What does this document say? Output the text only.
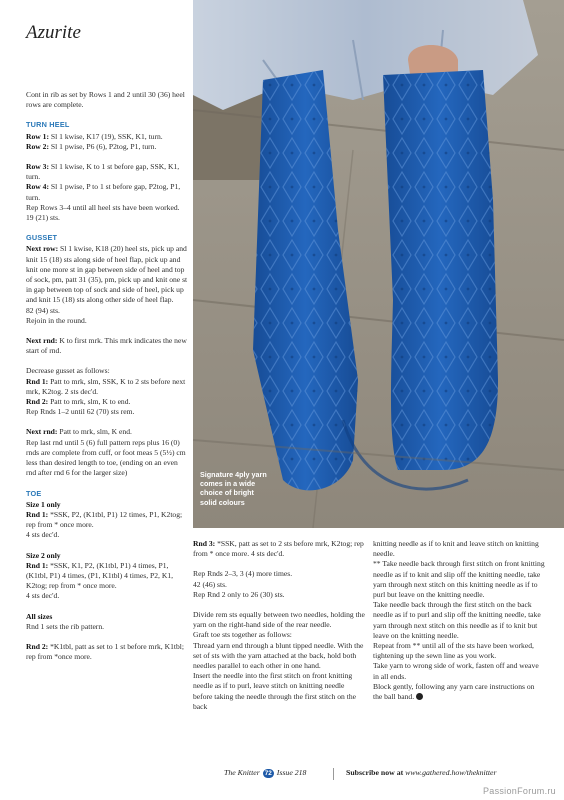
Azurite
Signature 4ply yarn
comes in a wide
choice of bright
solid colours

Cont in rib as set by Rows 1 and 2 until 30 (36) heel rows are complete.

TURN HEEL

Row 1: Sl 1 kwise, K17 (19), SSK, K1, turn.

Row 2: Sl 1 pwise, P6 (6), P2tog, P1, turn.

Row 3: Sl 1 kwise, K to 1 st before gap, SSK, K1, turn.

Row 4: Sl 1 pwise, P to 1 st before gap, P2tog, P1, turn.

Rep Rows 3–4 until all heel sts have been worked.

19 (21) sts.

GUSSET

Next row: Sl 1 kwise, K18 (20) heel sts, pick up and knit 15 (18) sts along side of heel flap, pick up and knit one more st in gap between side of heel and top of sock, pm, patt 31 (35), pm, pick up and knit one st in gap between top of sock and side of heel, pick up and knit 15 (18) sts along other side of heel flap.

82 (94) sts.

Rejoin in the round.

Next rnd: K to first mrk. This mrk indicates the new start of rnd.

Decrease gusset as follows:

Rnd 1: Patt to mrk, slm, SSK, K to 2 sts before next mrk, K2tog. 2 sts dec'd.

Rnd 2: Patt to mrk, slm, K to end.

Rep Rnds 1–2 until 62 (70) sts rem.

Next rnd: Patt to mrk, slm, K end.

Rep last rnd until 5 (6) full pattern reps plus 16 (0) rnds are complete from cuff, or foot meas 5 (5½) cm less than desired length to toe, (ending on an even rnd after rnd 6 for the larger size)

TOE

Size 1 only

Rnd 1: *SSK, P2, (K1tbl, P1) 12 times, P1, K2tog; rep from * once more.

4 sts dec'd.

Size 2 only

Rnd 1: *SSK, K1, P2, (K1tbl, P1) 4 times, P1, (K1tbl, P1) 4 times, (P1, K1tbl) 4 times, P2, K1, K2tog; rep from * once more.

4 sts dec'd.

All sizes

Rnd 1 sets the rib pattern.

Rnd 2: *K1tbl, patt as set to 1 st before mrk, K1tbl; rep from *once more.

Rnd 3: *SSK, patt as set to 2 sts before mrk, K2tog; rep from * once more. 4 sts dec'd.

Rep Rnds 2–3, 3 (4) more times.

42 (46) sts.

Rep Rnd 2 only to 26 (30) sts.

Divide rem sts equally between two needles, holding the yarn on the right-hand side of the rear needle.

Graft toe sts together as follows:

Thread yarn end through a blunt tipped needle. With the set of sts with the yarn attached at the back, hold both needles parallel to each other in one hand.

Insert the needle into the first stitch on front knitting needle as if to purl, leave stitch on knitting needle before taking the needle through the first stitch on the back

knitting needle as if to knit and leave stitch on knitting needle.

** Take needle back through first stitch on front knitting needle as if to knit and slip off the knitting needle, take yarn through next stitch on this knitting needle as if to purl but leave on the knitting needle.

Take needle back through the first stitch on the back needle as if to purl and slip off the knitting needle, take yarn through next stitch on this needle as if to knit but leave on the knitting needle.

Repeat from ** until all of the sts have been worked, tightening up the sewn line as you work.

Take yarn to wrong side of work, fasten off and weave in all ends.

Block gently, following any yarn care instructions on the ball band.

The Knitter 72 Issue 218	Subscribe now at www.gathered.how/theknitter
PassionForum.ru
